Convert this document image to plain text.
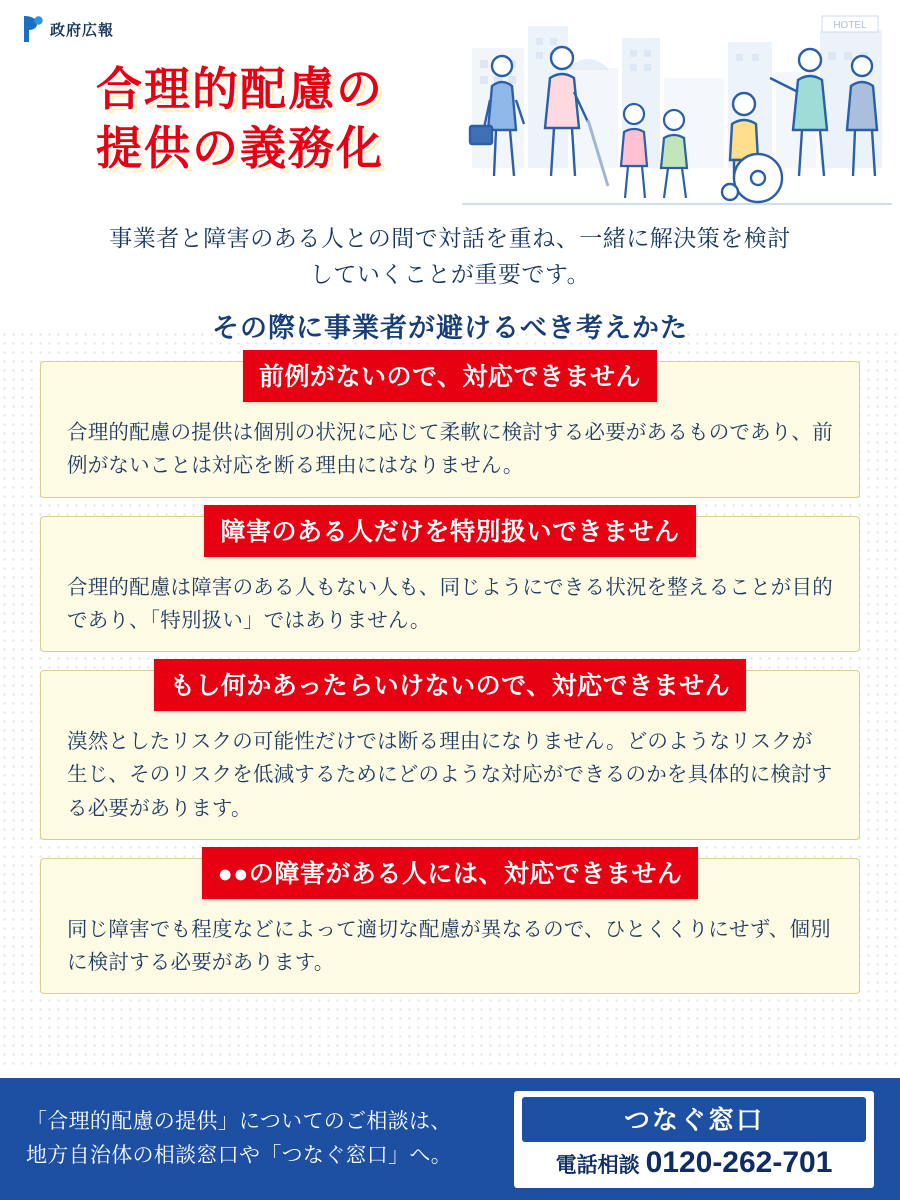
政府広報
合理的配慮の
提供の義務化
HOTEL
事業者と障害のある人との間で対話を重ね、一緒に解決策を検討
していくことが重要です。
その際に事業者が避けるべき考えかた
前例がないので、対応できません
合理的配慮の提供は個別の状況に応じて柔軟に検討する必要があるものであり、前例がないことは対応を断る理由にはなりません。
障害のある人だけを特別扱いできません
合理的配慮は障害のある人もない人も、同じようにできる状況を整えることが目的であり、「特別扱い」ではありません。
もし何かあったらいけないので、対応できません
漠然としたリスクの可能性だけでは断る理由になりません。どのようなリスクが生じ、そのリスクを低減するためにどのような対応ができるのかを具体的に検討する必要があります。
●●の障害がある人には、対応できません
同じ障害でも程度などによって適切な配慮が異なるので、ひとくくりにせず、個別に検討する必要があります。
「合理的配慮の提供」についてのご相談は、
地方自治体の相談窓口や「つなぐ窓口」へ。
つなぐ窓口
電話相談 0120-262-701
